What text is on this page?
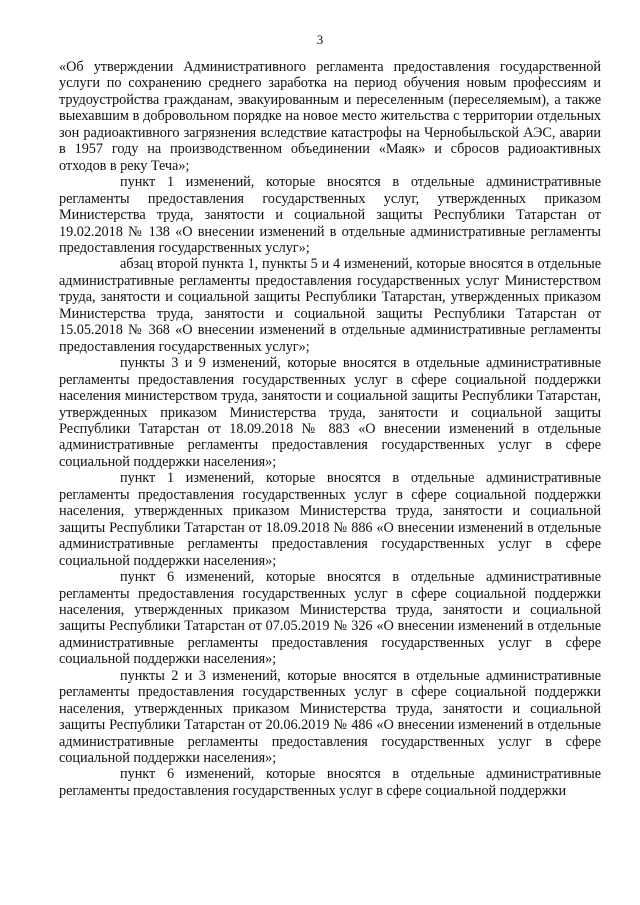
3

«Об утверждении Административного регламента предоставления государственной услуги по сохранению среднего заработка на период обучения новым профессиям и трудоустройства гражданам, эвакуированным и переселенным (переселяемым), а также выехавшим в добровольном порядке на новое место жительства с территории отдельных зон радиоактивного загрязнения вследствие катастрофы на Чернобыльской АЭС, аварии в 1957 году на производственном объединении «Маяк» и сбросов радиоактивных отходов в реку Теча»;

пункт 1 изменений, которые вносятся в отдельные административные регламенты предоставления государственных услуг, утвержденных приказом Министерства труда, занятости и социальной защиты Республики Татарстан от 19.02.2018 № 138 «О внесении изменений в отдельные административные регламенты предоставления государственных услуг»;

абзац второй пункта 1, пункты 5 и 4 изменений, которые вносятся в отдельные административные регламенты предоставления государственных услуг Министерством труда, занятости и социальной защиты Республики Татарстан, утвержденных приказом Министерства труда, занятости и социальной защиты Республики Татарстан от 15.05.2018 № 368 «О внесении изменений в отдельные административные регламенты предоставления государственных услуг»;

пункты 3 и 9 изменений, которые вносятся в отдельные административные регламенты предоставления государственных услуг в сфере социальной поддержки населения министерством труда, занятости и социальной защиты Республики Татарстан, утвержденных приказом Министерства труда, занятости и социальной защиты Республики Татарстан от 18.09.2018 № 883 «О внесении изменений в отдельные административные регламенты предоставления государственных услуг в сфере социальной поддержки населения»;

пункт 1 изменений, которые вносятся в отдельные административные регламенты предоставления государственных услуг в сфере социальной поддержки населения, утвержденных приказом Министерства труда, занятости и социальной защиты Республики Татарстан от 18.09.2018 № 886 «О внесении изменений в отдельные административные регламенты предоставления государственных услуг в сфере социальной поддержки населения»;

пункт 6 изменений, которые вносятся в отдельные административные регламенты предоставления государственных услуг в сфере социальной поддержки населения, утвержденных приказом Министерства труда, занятости и социальной защиты Республики Татарстан от 07.05.2019 № 326 «О внесении изменений в отдельные административные регламенты предоставления государственных услуг в сфере социальной поддержки населения»;

пункты 2 и 3 изменений, которые вносятся в отдельные административные регламенты предоставления государственных услуг в сфере социальной поддержки населения, утвержденных приказом Министерства труда, занятости и социальной защиты Республики Татарстан от 20.06.2019 № 486 «О внесении изменений в отдельные административные регламенты предоставления государственных услуг в сфере социальной поддержки населения»;

пункт 6 изменений, которые вносятся в отдельные административные регламенты предоставления государственных услуг в сфере социальной поддержки
